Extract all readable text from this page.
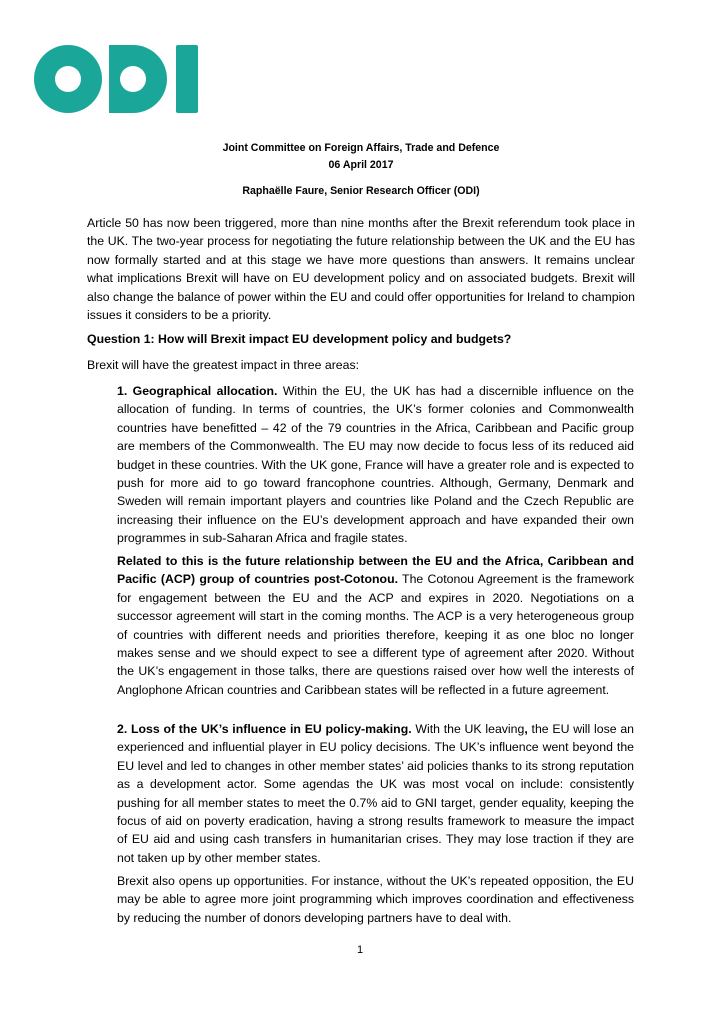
Joint Committee on Foreign Affairs, Trade and Defence
06 April 2017
Raphaëlle Faure, Senior Research Officer (ODI)

Article 50 has now been triggered, more than nine months after the Brexit referendum took place in the UK. The two-year process for negotiating the future relationship between the UK and the EU has now formally started and at this stage we have more questions than answers. It remains unclear what implications Brexit will have on EU development policy and on associated budgets. Brexit will also change the balance of power within the EU and could offer opportunities for Ireland to champion issues it considers to be a priority.

Question 1: How will Brexit impact EU development policy and budgets?

Brexit will have the greatest impact in three areas:

1. Geographical allocation. Within the EU, the UK has had a discernible influence on the allocation of funding. In terms of countries, the UK’s former colonies and Commonwealth countries have benefitted – 42 of the 79 countries in the Africa, Caribbean and Pacific group are members of the Commonwealth. The EU may now decide to focus less of its reduced aid budget in these countries. With the UK gone, France will have a greater role and is expected to push for more aid to go toward francophone countries. Although, Germany, Denmark and Sweden will remain important players and countries like Poland and the Czech Republic are increasing their influence on the EU’s development approach and have expanded their own programmes in sub-Saharan Africa and fragile states.

Related to this is the future relationship between the EU and the Africa, Caribbean and Pacific (ACP) group of countries post-Cotonou. The Cotonou Agreement is the framework for engagement between the EU and the ACP and expires in 2020. Negotiations on a successor agreement will start in the coming months. The ACP is a very heterogeneous group of countries with different needs and priorities therefore, keeping it as one bloc no longer makes sense and we should expect to see a different type of agreement after 2020. Without the UK’s engagement in those talks, there are questions raised over how well the interests of Anglophone African countries and Caribbean states will be reflected in a future agreement.

2. Loss of the UK’s influence in EU policy-making. With the UK leaving, the EU will lose an experienced and influential player in EU policy decisions. The UK’s influence went beyond the EU level and led to changes in other member states’ aid policies thanks to its strong reputation as a development actor. Some agendas the UK was most vocal on include: consistently pushing for all member states to meet the 0.7% aid to GNI target, gender equality, keeping the focus of aid on poverty eradication, having a strong results framework to measure the impact of EU aid and using cash transfers in humanitarian crises. They may lose traction if they are not taken up by other member states.

Brexit also opens up opportunities. For instance, without the UK’s repeated opposition, the EU may be able to agree more joint programming which improves coordination and effectiveness by reducing the number of donors developing partners have to deal with.

1
